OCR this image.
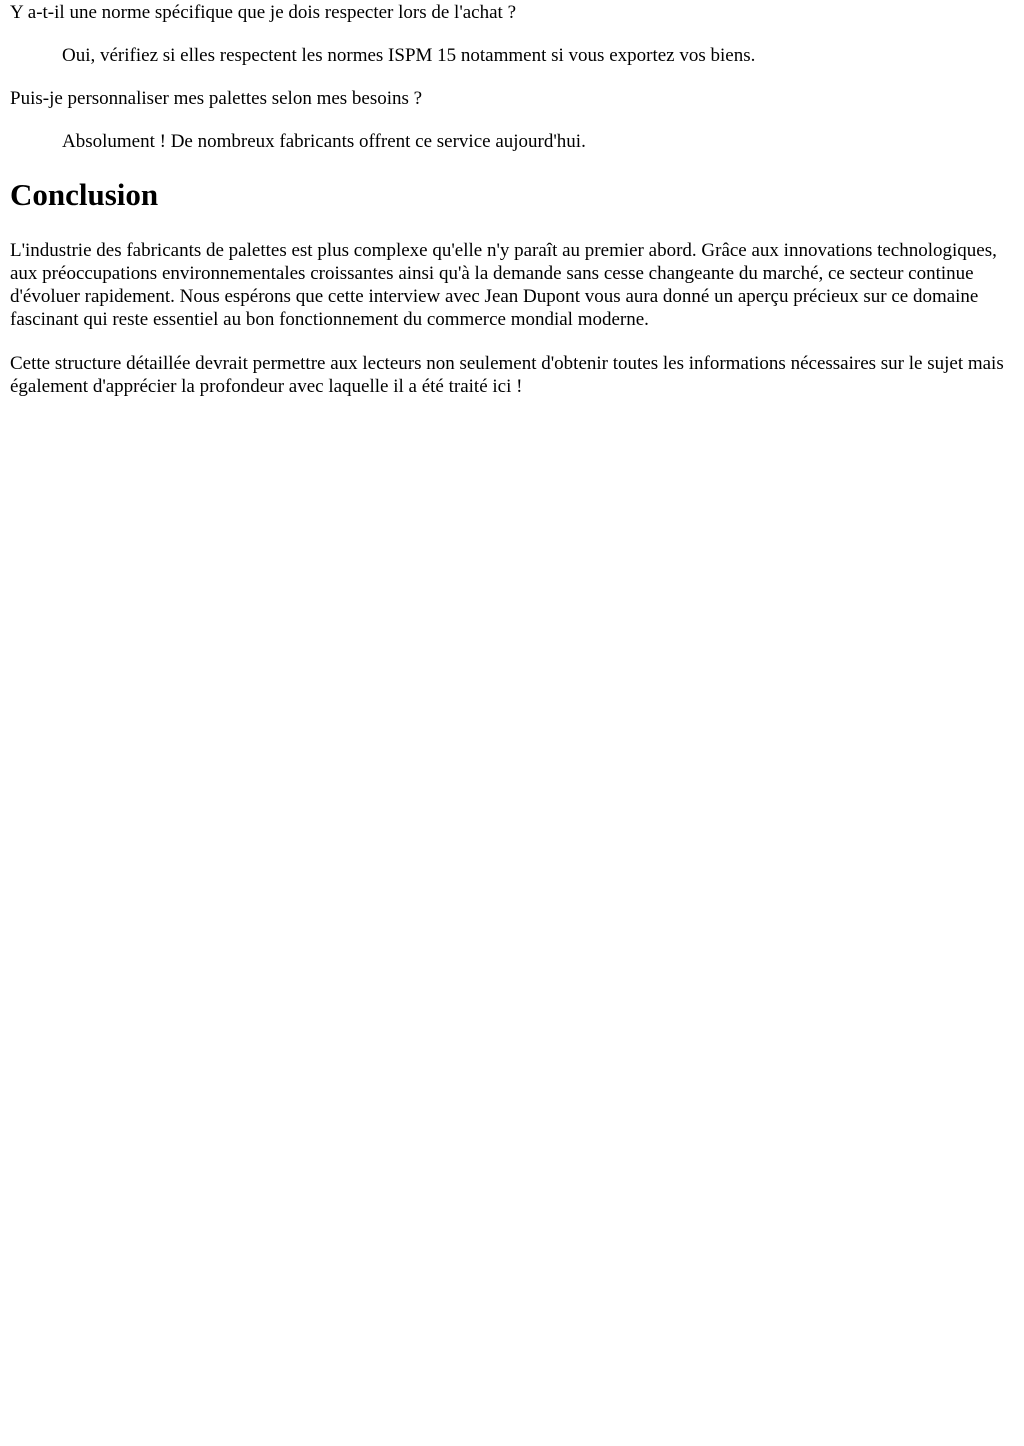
Y a-t-il une norme spécifique que je dois respecter lors de l'achat ?
Oui, vérifiez si elles respectent les normes ISPM 15 notamment si vous exportez vos biens.
Puis-je personnaliser mes palettes selon mes besoins ?
Absolument ! De nombreux fabricants offrent ce service aujourd'hui.
Conclusion

L'industrie des fabricants de palettes est plus complexe qu'elle n'y paraît au premier abord. Grâce aux innovations technologiques, aux préoccupations environnementales croissantes ainsi qu'à la demande sans cesse changeante du marché, ce secteur continue d'évoluer rapidement. Nous espérons que cette interview avec Jean Dupont vous aura donné un aperçu précieux sur ce domaine fascinant qui reste essentiel au bon fonctionnement du commerce mondial moderne.

Cette structure détaillée devrait permettre aux lecteurs non seulement d'obtenir toutes les informations nécessaires sur le sujet mais également d'apprécier la profondeur avec laquelle il a été traité ici !
